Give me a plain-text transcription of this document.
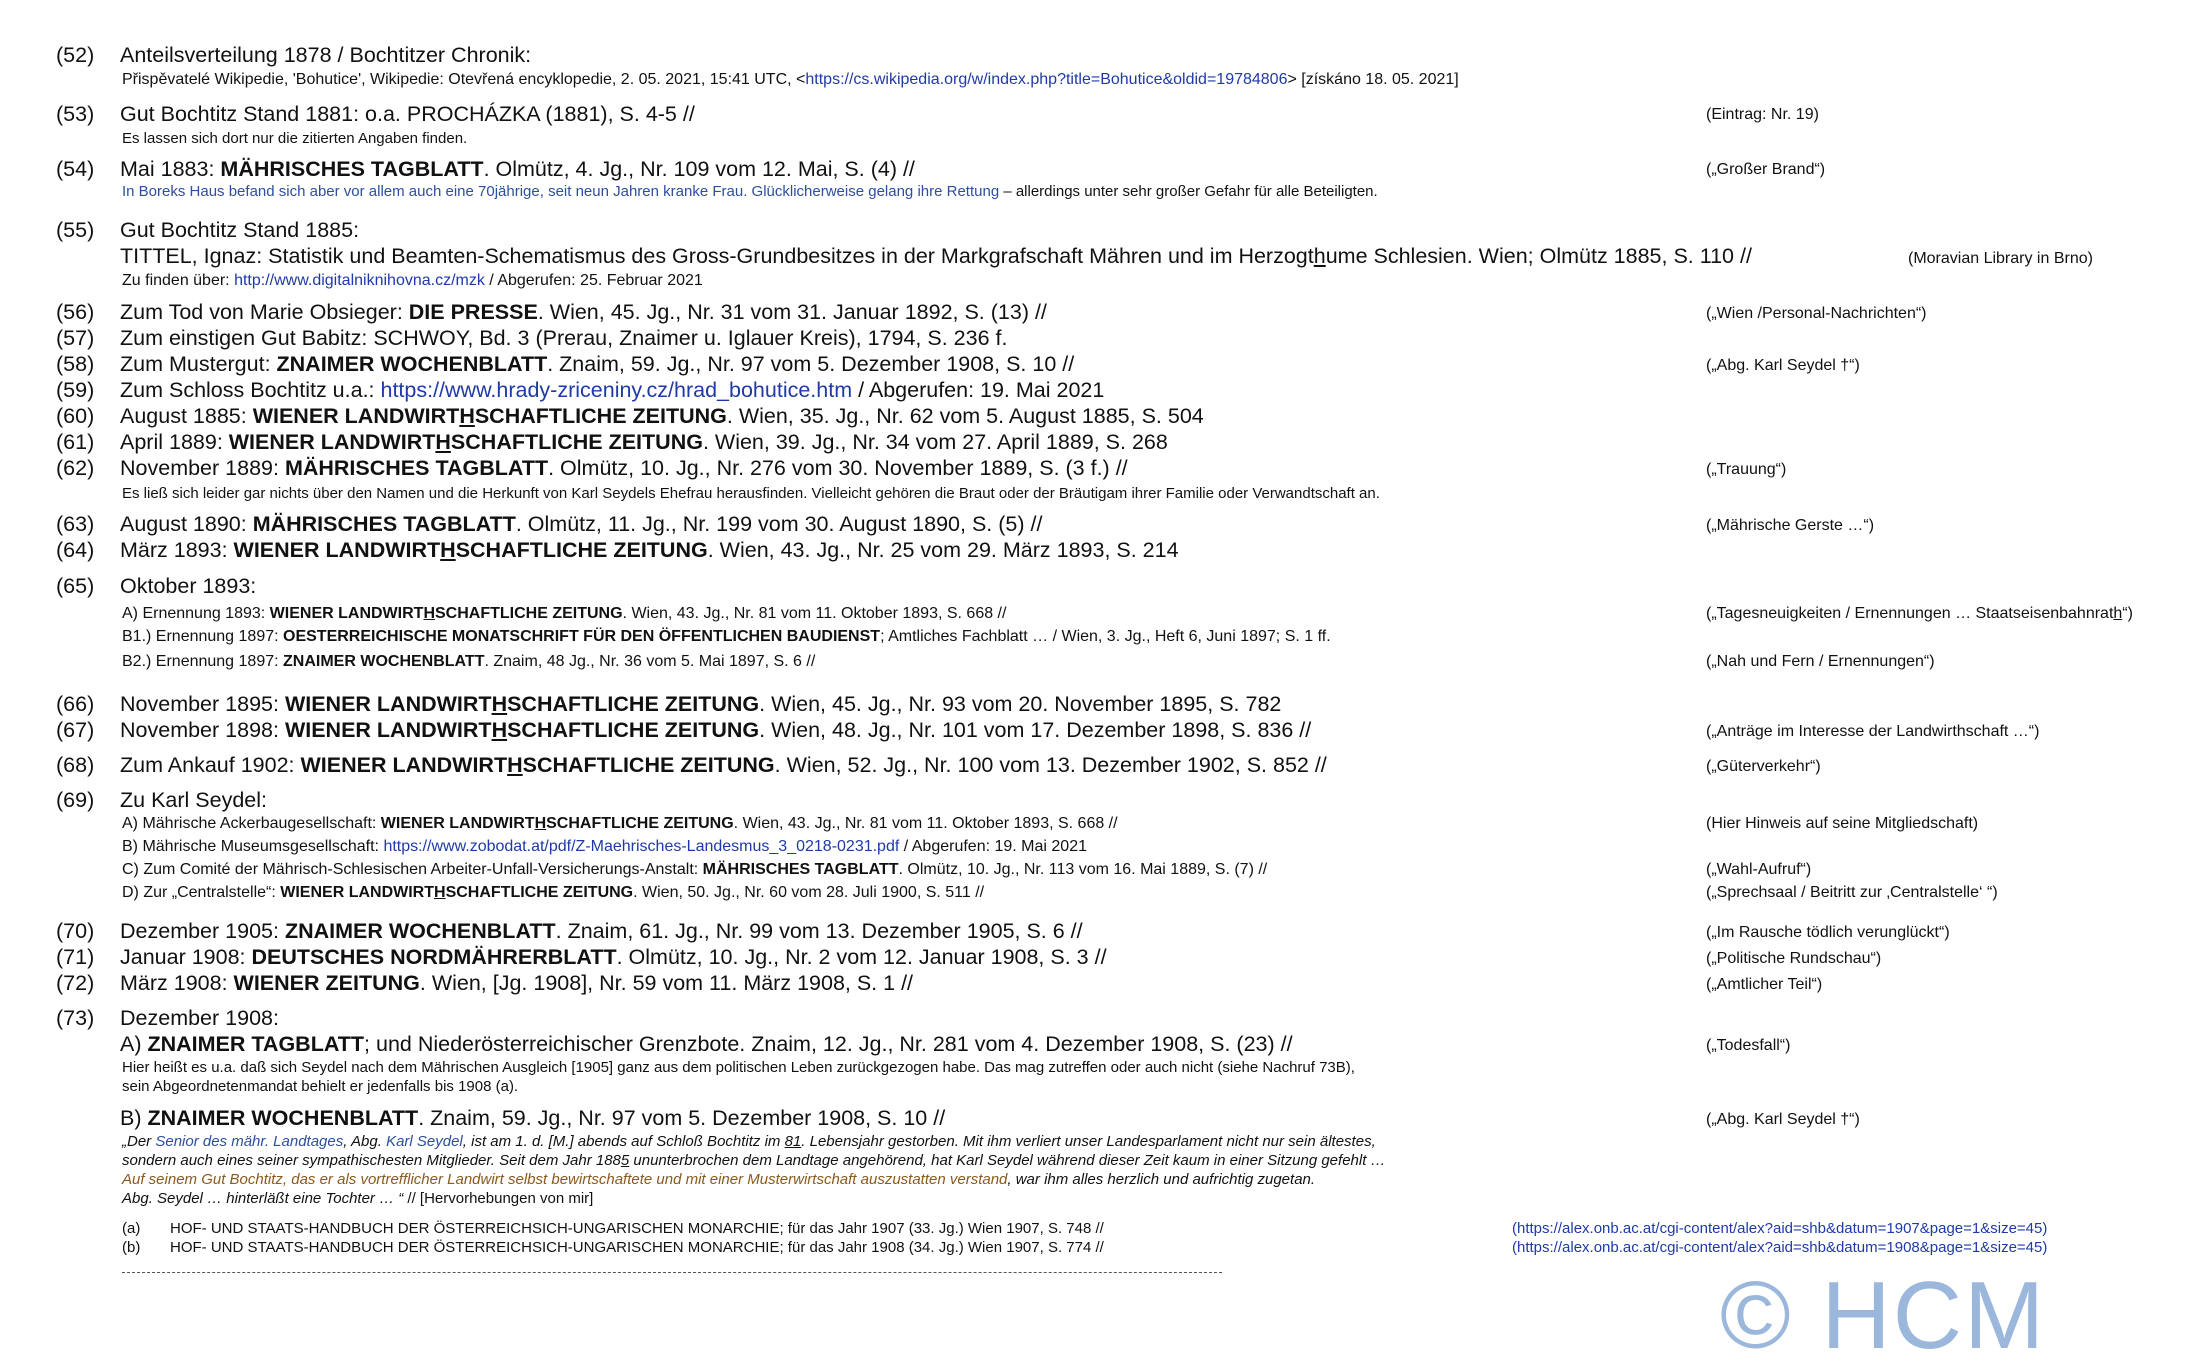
(52) Anteilsverteilung 1878 / Bochtitzer Chronik:
Přispěvatelé Wikipedie, 'Bohutice', Wikipedie: Otevřená encyklopedie, 2. 05. 2021, 15:41 UTC, <https://cs.wikipedia.org/w/index.php?title=Bohutice&oldid=19784806> [získáno 18. 05. 2021]
(53) Gut Bochtitz Stand 1881: o.a. PROCHÁZKA (1881), S. 4-5 //	(Eintrag: Nr. 19)
Es lassen sich dort nur die zitierten Angaben finden.
(54) Mai 1883: MÄHRISCHES TAGBLATT. Olmütz, 4. Jg., Nr. 109 vom 12. Mai, S. (4) //	(„Großer Brand“)
In Boreks Haus befand sich aber vor allem auch eine 70jährige, seit neun Jahren kranke Frau. Glücklicherweise gelang ihre Rettung – allerdings unter sehr großer Gefahr für alle Beteiligten.
(55) Gut Bochtitz Stand 1885:
TITTEL, Ignaz: Statistik und Beamten-Schematismus des Gross-Grundbesitzes in der Markgrafschaft Mähren und im Herzogthume Schlesien. Wien; Olmütz 1885, S. 110 //	(Moravian Library in Brno)
Zu finden über: http://www.digitalniknihovna.cz/mzk / Abgerufen: 25. Februar 2021
(56) Zum Tod von Marie Obsieger: DIE PRESSE. Wien, 45. Jg., Nr. 31 vom 31. Januar 1892, S. (13) //	(„Wien /Personal-Nachrichten“)
(57) Zum einstigen Gut Babitz: SCHWOY, Bd. 3 (Prerau, Znaimer u. Iglauer Kreis), 1794, S. 236 f.
(58) Zum Mustergut: ZNAIMER WOCHENBLATT. Znaim, 59. Jg., Nr. 97 vom 5. Dezember 1908, S. 10 //	(„Abg. Karl Seydel †“)
(59) Zum Schloss Bochtitz u.a.: https://www.hrady-zriceniny.cz/hrad_bohutice.htm / Abgerufen: 19. Mai 2021
(60) August 1885: WIENER LANDWIRTHSCHAFTLICHE ZEITUNG. Wien, 35. Jg., Nr. 62 vom 5. August 1885, S. 504
(61) April 1889: WIENER LANDWIRTHSCHAFTLICHE ZEITUNG. Wien, 39. Jg., Nr. 34 vom 27. April 1889, S. 268
(62) November 1889: MÄHRISCHES TAGBLATT. Olmütz, 10. Jg., Nr. 276 vom 30. November 1889, S. (3 f.) //	(„Trauung“)
Es ließ sich leider gar nichts über den Namen und die Herkunft von Karl Seydels Ehefrau herausfinden. Vielleicht gehören die Braut oder der Bräutigam ihrer Familie oder Verwandtschaft an.
(63) August 1890: MÄHRISCHES TAGBLATT. Olmütz, 11. Jg., Nr. 199 vom 30. August 1890, S. (5) //	(„Mährische Gerste …“)
(64) März 1893: WIENER LANDWIRTHSCHAFTLICHE ZEITUNG. Wien, 43. Jg., Nr. 25 vom 29. März 1893, S. 214
(65) Oktober 1893:
A) Ernennung 1893: WIENER LANDWIRTHSCHAFTLICHE ZEITUNG. Wien, 43. Jg., Nr. 81 vom 11. Oktober 1893, S. 668 //	(„Tagesneuigkeiten / Ernennungen … Staatseisenbahnrath“)
B1.) Ernennung 1897: OESTERREICHISCHE MONATSCHRIFT FÜR DEN ÖFFENTLICHEN BAUDIENST; Amtliches Fachblatt … / Wien, 3. Jg., Heft 6, Juni 1897; S. 1 ff.
B2.) Ernennung 1897: ZNAIMER WOCHENBLATT. Znaim, 48 Jg., Nr. 36 vom 5. Mai 1897, S. 6 //	(„Nah und Fern / Ernennungen“)
(66) November 1895: WIENER LANDWIRTHSCHAFTLICHE ZEITUNG. Wien, 45. Jg., Nr. 93 vom 20. November 1895, S. 782
(67) November 1898: WIENER LANDWIRTHSCHAFTLICHE ZEITUNG. Wien, 48. Jg., Nr. 101 vom 17. Dezember 1898, S. 836 //	(„Anträge im Interesse der Landwirthschaft …“)
(68) Zum Ankauf 1902: WIENER LANDWIRTHSCHAFTLICHE ZEITUNG. Wien, 52. Jg., Nr. 100 vom 13. Dezember 1902, S. 852 //	(„Güterverkehr“)
(69) Zu Karl Seydel:
A) Mährische Ackerbaugesellschaft: WIENER LANDWIRTHSCHAFTLICHE ZEITUNG. Wien, 43. Jg., Nr. 81 vom 11. Oktober 1893, S. 668 //	(Hier Hinweis auf seine Mitgliedschaft)
B) Mährische Museumsgesellschaft: https://www.zobodat.at/pdf/Z-Maehrisches-Landesmus_3_0218-0231.pdf / Abgerufen: 19. Mai 2021
C) Zum Comité der Mährisch-Schlesischen Arbeiter-Unfall-Versicherungs-Anstalt: MÄHRISCHES TAGBLATT. Olmütz, 10. Jg., Nr. 113 vom 16. Mai 1889, S. (7) //	(„Wahl-Aufruf“)
D) Zur „Centralstelle“: WIENER LANDWIRTHSCHAFTLICHE ZEITUNG. Wien, 50. Jg., Nr. 60 vom 28. Juli 1900, S. 511 //	(„Sprechsaal / Beitritt zur ‚Centralstelle‘ “)
(70) Dezember 1905: ZNAIMER WOCHENBLATT. Znaim, 61. Jg., Nr. 99 vom 13. Dezember 1905, S. 6 //	(„Im Rausche tödlich verunglückt“)
(71) Januar 1908: DEUTSCHES NORDMÄHRERBLATT. Olmütz, 10. Jg., Nr. 2 vom 12. Januar 1908, S. 3 //	(„Politische Rundschau“)
(72) März 1908: WIENER ZEITUNG. Wien, [Jg. 1908], Nr. 59 vom 11. März 1908, S. 1 //	(„Amtlicher Teil“)
(73) Dezember 1908:
A) ZNAIMER TAGBLATT; und Niederösterreichischer Grenzbote. Znaim, 12. Jg., Nr. 281 vom 4. Dezember 1908, S. (23) //	(„Todesfall“)
Hier heißt es u.a. daß sich Seydel nach dem Mährischen Ausgleich [1905] ganz aus dem politischen Leben zurückgezogen habe. Das mag zutreffen oder auch nicht (siehe Nachruf 73B),
sein Abgeordnetenmandat behielt er jedenfalls bis 1908 (a).
B) ZNAIMER WOCHENBLATT. Znaim, 59. Jg., Nr. 97 vom 5. Dezember 1908, S. 10 //	(„Abg. Karl Seydel †“)
„Der Senior des mähr. Landtages, Abg. Karl Seydel, ist am 1. d. [M.] abends auf Schloß Bochtitz im 81. Lebensjahr gestorben. Mit ihm verliert unser Landesparlament nicht nur sein ältestes,
sondern auch eines seiner sympathischesten Mitglieder. Seit dem Jahr 1885 ununterbrochen dem Landtage angehörend, hat Karl Seydel während dieser Zeit kaum in einer Sitzung gefehlt …
Auf seinem Gut Bochtitz, das er als vortrefflicher Landwirt selbst bewirtschaftete und mit einer Musterwirtschaft auszustatten verstand, war ihm alles herzlich und aufrichtig zugetan.
Abg. Seydel … hinterläßt eine Tochter … “ // [Hervorhebungen von mir]
(a) HOF- UND STAATS-HANDBUCH DER ÖSTERREICHSICH-UNGARISCHEN MONARCHIE; für das Jahr 1907 (33. Jg.) Wien 1907, S. 748 //	(https://alex.onb.ac.at/cgi-content/alex?aid=shb&datum=1907&page=1&size=45)
(b) HOF- UND STAATS-HANDBUCH DER ÖSTERREICHSICH-UNGARISCHEN MONARCHIE; für das Jahr 1908 (34. Jg.) Wien 1907, S. 774 //	(https://alex.onb.ac.at/cgi-content/alex?aid=shb&datum=1908&page=1&size=45)
© HCM
